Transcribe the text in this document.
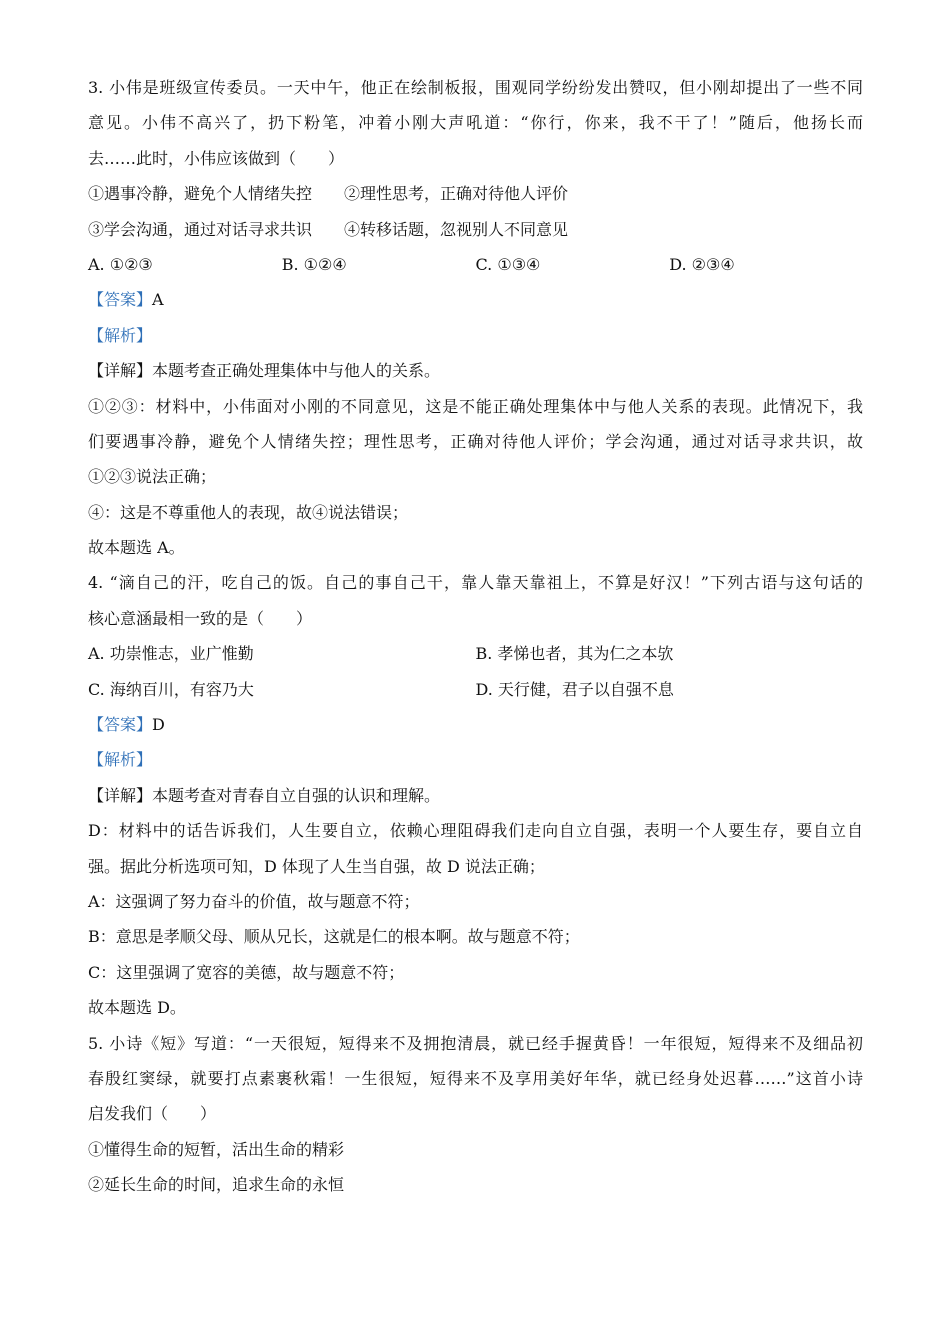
3. 小伟是班级宣传委员。一天中午，他正在绘制板报，围观同学纷纷发出赞叹，但小刚却提出了一些不同
意见。小伟不高兴了，扔下粉笔，冲着小刚大声吼道：“你行，你来，我不干了！”随后，他扬长而
去……此时，小伟应该做到（　　）
①遇事冷静，避免个人情绪失控　　②理性思考，正确对待他人评价
③学会沟通，通过对话寻求共识　　④转移话题，忽视别人不同意见
A. ①②③	B. ①②④	C. ①③④	D. ②③④
【答案】A
【解析】
【详解】本题考查正确处理集体中与他人的关系。
①②③：材料中，小伟面对小刚的不同意见，这是不能正确处理集体中与他人关系的表现。此情况下，我
们要遇事冷静，避免个人情绪失控；理性思考，正确对待他人评价；学会沟通，通过对话寻求共识，故
①②③说法正确；
④：这是不尊重他人的表现，故④说法错误；
故本题选 A。
4. “滴自己的汗，吃自己的饭。自己的事自己干，靠人靠天靠祖上，不算是好汉！”下列古语与这句话的
核心意涵最相一致的是（　　）
A. 功崇惟志，业广惟勤	B. 孝悌也者，其为仁之本欤
C. 海纳百川，有容乃大	D. 天行健，君子以自强不息
【答案】D
【解析】
【详解】本题考查对青春自立自强的认识和理解。
D：材料中的话告诉我们，人生要自立，依赖心理阻碍我们走向自立自强，表明一个人要生存，要自立自
强。据此分析选项可知，D 体现了人生当自强，故 D 说法正确；
A：这强调了努力奋斗的价值，故与题意不符；
B：意思是孝顺父母、顺从兄长，这就是仁的根本啊。故与题意不符；
C：这里强调了宽容的美德，故与题意不符；
故本题选 D。
5. 小诗《短》写道：“一天很短，短得来不及拥抱清晨，就已经手握黄昏！一年很短，短得来不及细品初
春殷红窦绿，就要打点素裹秋霜！一生很短，短得来不及享用美好年华，就已经身处迟暮……”这首小诗
启发我们（　　）
①懂得生命的短暂，活出生命的精彩
②延长生命的时间，追求生命的永恒
